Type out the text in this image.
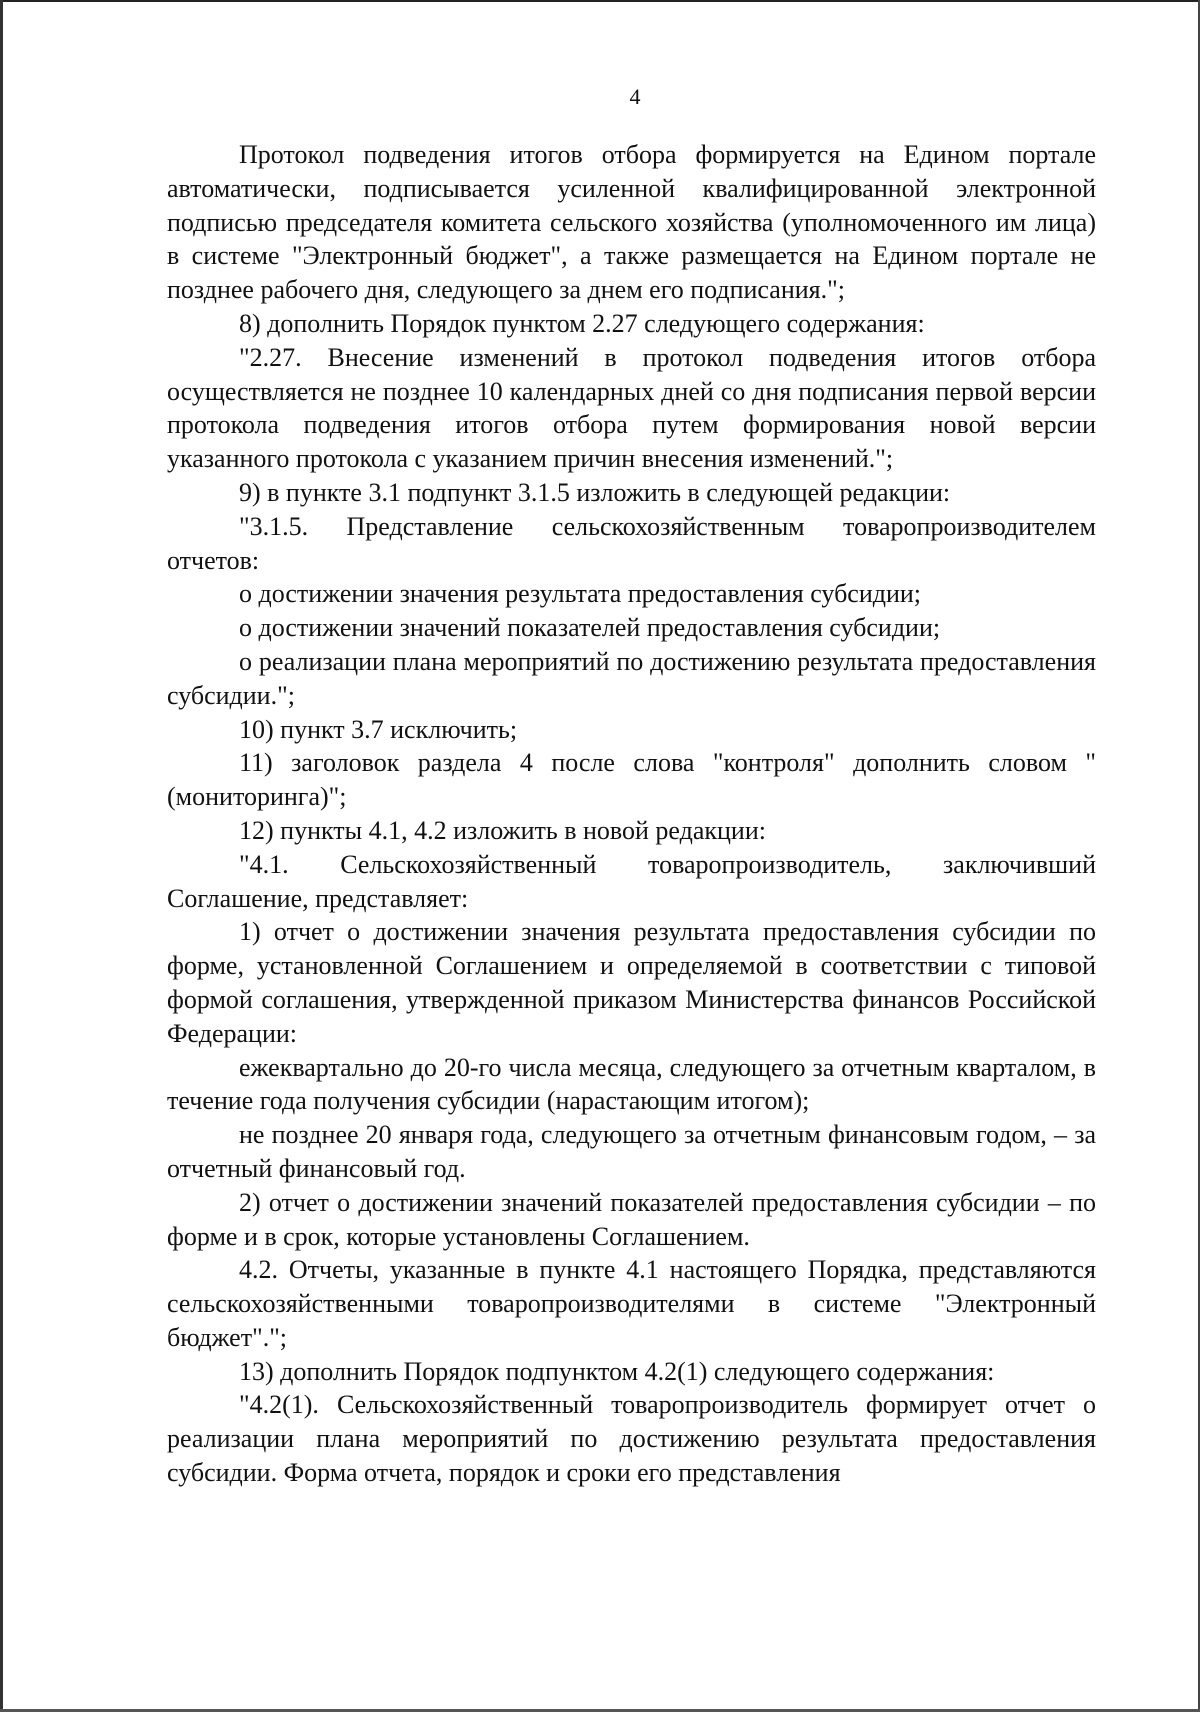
4

Протокол подведения итогов отбора формируется на Едином портале автоматически, подписывается усиленной квалифицированной электронной подписью председателя комитета сельского хозяйства (уполномоченного им лица) в системе "Электронный бюджет", а также размещается на Едином портале не позднее рабочего дня, следующего за днем его подписания.";

8) дополнить Порядок пунктом 2.27 следующего содержания:

"2.27. Внесение изменений в протокол подведения итогов отбора осуществляется не позднее 10 календарных дней со дня подписания первой версии протокола подведения итогов отбора путем формирования новой версии указанного протокола с указанием причин внесения изменений.";

9) в пункте 3.1 подпункт 3.1.5 изложить в следующей редакции:

"3.1.5. Представление сельскохозяйственным товаропроизводителем отчетов:

о достижении значения результата предоставления субсидии;

о достижении значений показателей предоставления субсидии;

о реализации плана мероприятий по достижению результата предоставления субсидии.";

10) пункт 3.7 исключить;

11) заголовок раздела 4 после слова "контроля" дополнить словом "(мониторинга)";

12) пункты 4.1, 4.2 изложить в новой редакции:

"4.1. Сельскохозяйственный товаропроизводитель, заключивший Соглашение, представляет:

1) отчет о достижении значения результата предоставления субсидии по форме, установленной Соглашением и определяемой в соответствии с типовой формой соглашения, утвержденной приказом Министерства финансов Российской Федерации:

ежеквартально до 20-го числа месяца, следующего за отчетным кварталом, в течение года получения субсидии (нарастающим итогом);

не позднее 20 января года, следующего за отчетным финансовым годом, – за отчетный финансовый год.

2) отчет о достижении значений показателей предоставления субсидии – по форме и в срок, которые установлены Соглашением.

4.2. Отчеты, указанные в пункте 4.1 настоящего Порядка, представляются сельскохозяйственными товаропроизводителями в системе "Электронный бюджет".";

13) дополнить Порядок подпунктом 4.2(1) следующего содержания:

"4.2(1). Сельскохозяйственный товаропроизводитель формирует отчет о реализации плана мероприятий по достижению результата предоставления субсидии. Форма отчета, порядок и сроки его представления
